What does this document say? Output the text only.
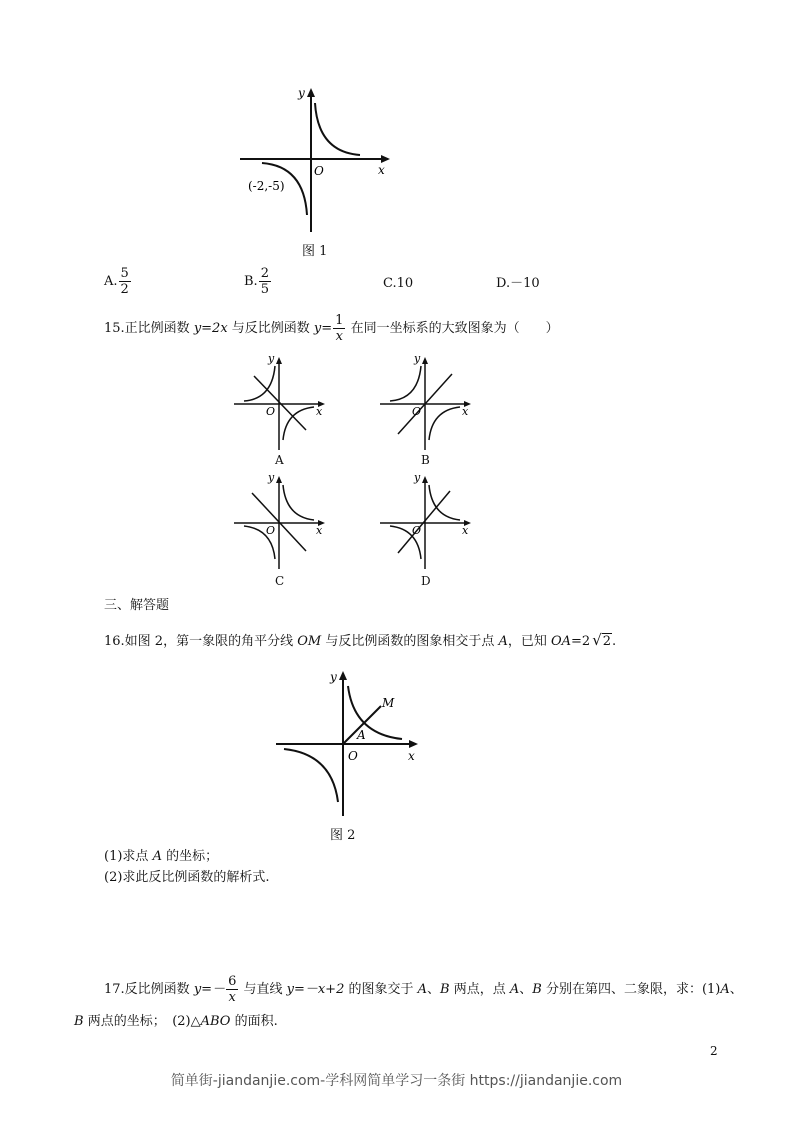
y
x
O
(-2,-5)
图 1
A. $\frac{5}{2}$	B. $\frac{2}{5}$	C.10	D.－10
15.正比例函数 y=2x 与反比例函数 $y= \frac{1}{x}$ 在同一坐标系的大致图象为（　　）
y
x
O
A
y
x
O
B
y
x
O
C
y
x
O
D
三、解答题
16.如图 2，第一象限的角平分线 OM 与反比例函数的图象相交于点 A，已知 OA=2 √2.
y
x
O
M
A
图 2
(1)求点 A 的坐标；
(2)求此反比例函数的解析式.
17.反比例函数 $y=- \frac{6}{x}$ 与直线 y=－x+2 的图象交于 A、B 两点，点 A、B 分别在第四、二象限，求：(1)A、
B 两点的坐标；　(2)△ABO 的面积.
2
简单街-jiandanjie.com-学科网简单学习一条街 https://jiandanjie.com
